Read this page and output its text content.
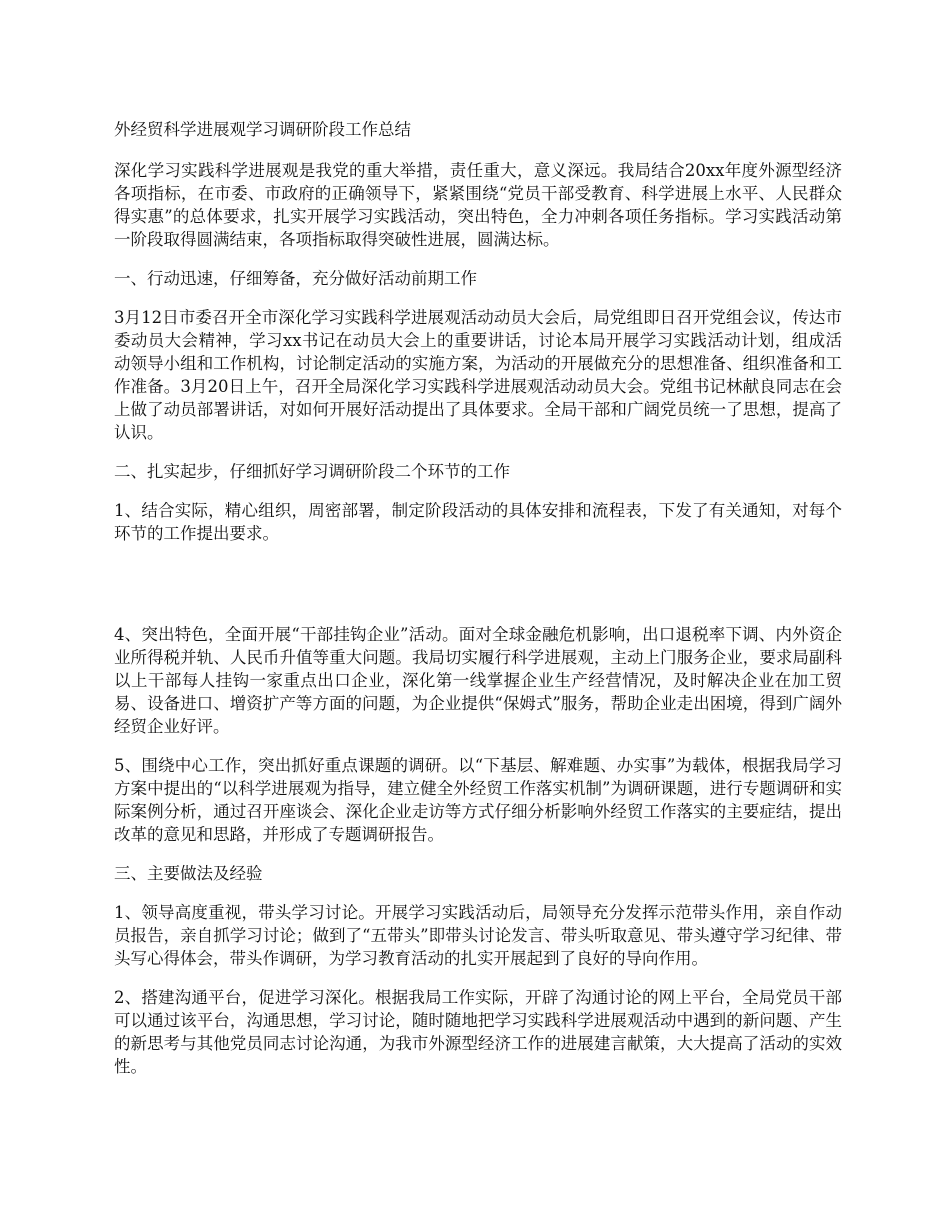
外经贸科学进展观学习调研阶段工作总结

深化学习实践科学进展观是我党的重大举措，责任重大，意义深远。我局结合20xx年度外源型经济各项指标，在市委、市政府的正确领导下，紧紧围绕“党员干部受教育、科学进展上水平、人民群众得实惠”的总体要求，扎实开展学习实践活动，突出特色，全力冲刺各项任务指标。学习实践活动第一阶段取得圆满结束，各项指标取得突破性进展，圆满达标。

一、行动迅速，仔细筹备，充分做好活动前期工作

3月12日市委召开全市深化学习实践科学进展观活动动员大会后，局党组即日召开党组会议，传达市委动员大会精神，学习xx书记在动员大会上的重要讲话，讨论本局开展学习实践活动计划，组成活动领导小组和工作机构，讨论制定活动的实施方案，为活动的开展做充分的思想准备、组织准备和工作准备。3月20日上午，召开全局深化学习实践科学进展观活动动员大会。党组书记林献良同志在会上做了动员部署讲话，对如何开展好活动提出了具体要求。全局干部和广阔党员统一了思想，提高了认识。

二、扎实起步，仔细抓好学习调研阶段二个环节的工作

1、结合实际，精心组织，周密部署，制定阶段活动的具体安排和流程表，下发了有关通知，对每个环节的工作提出要求。

4、突出特色，全面开展“干部挂钩企业”活动。面对全球金融危机影响，出口退税率下调、内外资企业所得税并轨、人民币升值等重大问题。我局切实履行科学进展观，主动上门服务企业，要求局副科以上干部每人挂钩一家重点出口企业，深化第一线掌握企业生产经营情况，及时解决企业在加工贸易、设备进口、增资扩产等方面的问题，为企业提供“保姆式”服务，帮助企业走出困境，得到广阔外经贸企业好评。

5、围绕中心工作，突出抓好重点课题的调研。以“下基层、解难题、办实事”为载体，根据我局学习方案中提出的“以科学进展观为指导，建立健全外经贸工作落实机制”为调研课题，进行专题调研和实际案例分析，通过召开座谈会、深化企业走访等方式仔细分析影响外经贸工作落实的主要症结，提出改革的意见和思路，并形成了专题调研报告。

三、主要做法及经验

1、领导高度重视，带头学习讨论。开展学习实践活动后，局领导充分发挥示范带头作用，亲自作动员报告，亲自抓学习讨论；做到了“五带头”即带头讨论发言、带头听取意见、带头遵守学习纪律、带头写心得体会，带头作调研，为学习教育活动的扎实开展起到了良好的导向作用。

2、搭建沟通平台，促进学习深化。根据我局工作实际，开辟了沟通讨论的网上平台，全局党员干部可以通过该平台，沟通思想，学习讨论，随时随地把学习实践科学进展观活动中遇到的新问题、产生的新思考与其他党员同志讨论沟通，为我市外源型经济工作的进展建言献策，大大提高了活动的实效性。
